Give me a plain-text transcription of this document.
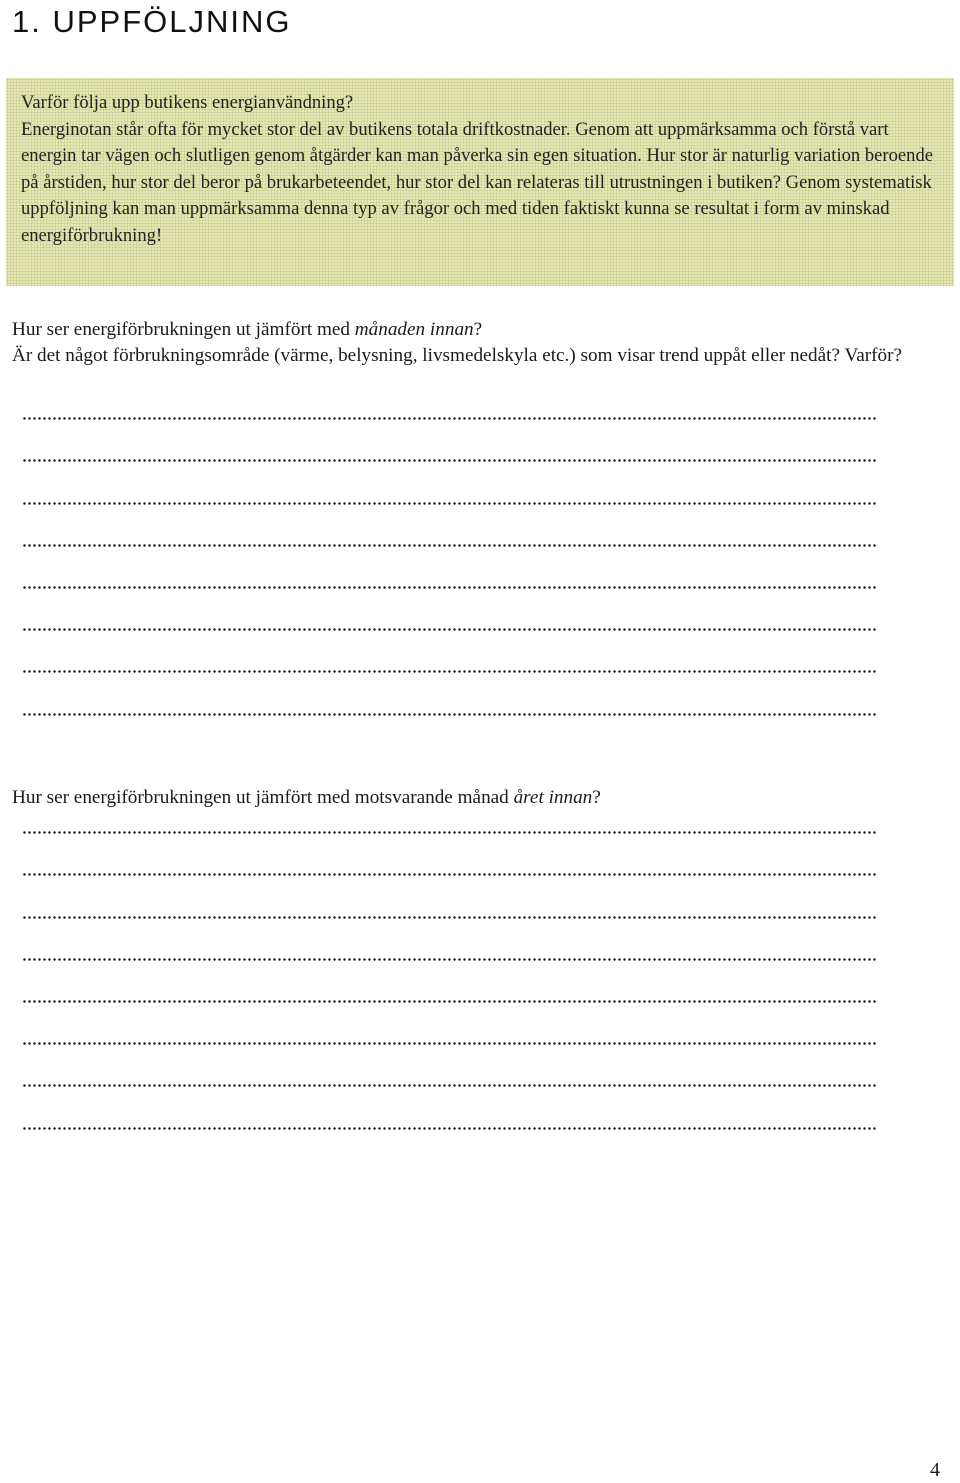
1. UPPFÖLJNING

Varför följa upp butikens energianvändning?

Energinotan står ofta för mycket stor del av butikens totala driftkostnader. Genom att uppmärksamma och förstå vart energin tar vägen och slutligen genom åtgärder kan man påverka sin egen situation. Hur stor är naturlig variation beroende på årstiden, hur stor del beror på brukarbeteendet, hur stor del kan relateras till utrustningen i butiken? Genom systematisk uppföljning kan man uppmärksamma denna typ av frågor och med tiden faktiskt kunna se resultat i form av minskad energiförbrukning!

Hur ser energiförbrukningen ut jämfört med månaden innan?

Är det något förbrukningsområde (värme, belysning, livsmedelskyla etc.) som visar trend uppåt eller nedåt? Varför?

Hur ser energiförbrukningen ut jämfört med motsvarande månad året innan?

4
